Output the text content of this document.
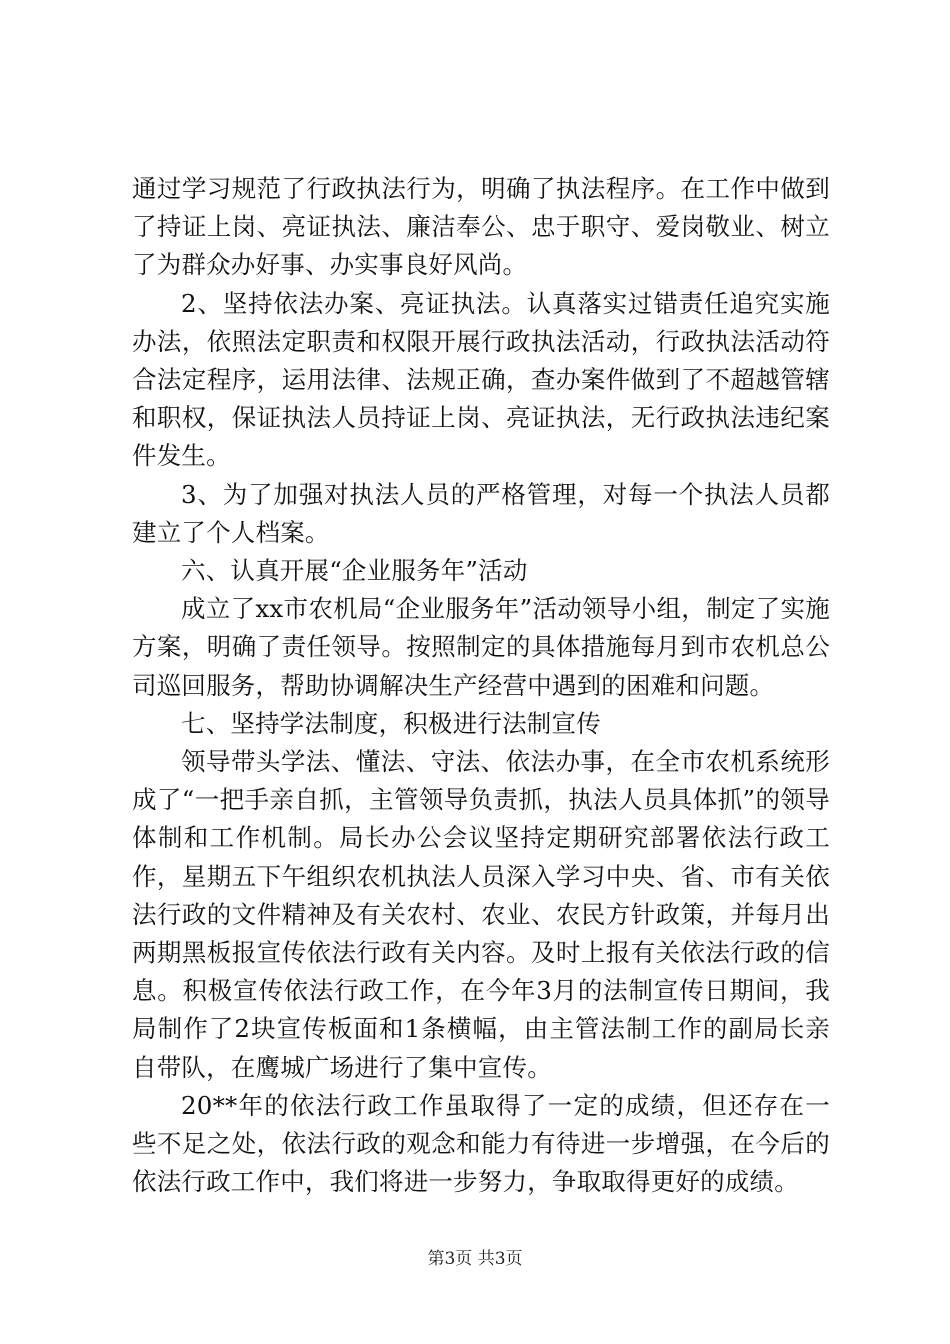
通过学习规范了行政执法行为，明确了执法程序。在工作中做到了持证上岗、亮证执法、廉洁奉公、忠于职守、爱岗敬业、树立了为群众办好事、办实事良好风尚。

2、坚持依法办案、亮证执法。认真落实过错责任追究实施办法，依照法定职责和权限开展行政执法活动，行政执法活动符合法定程序，运用法律、法规正确，查办案件做到了不超越管辖和职权，保证执法人员持证上岗、亮证执法，无行政执法违纪案件发生。

3、为了加强对执法人员的严格管理，对每一个执法人员都建立了个人档案。

六、认真开展“企业服务年”活动

成立了xx市农机局“企业服务年”活动领导小组，制定了实施方案，明确了责任领导。按照制定的具体措施每月到市农机总公司巡回服务，帮助协调解决生产经营中遇到的困难和问题。

七、坚持学法制度，积极进行法制宣传

领导带头学法、懂法、守法、依法办事，在全市农机系统形成了“一把手亲自抓，主管领导负责抓，执法人员具体抓”的领导体制和工作机制。局长办公会议坚持定期研究部署依法行政工作，星期五下午组织农机执法人员深入学习中央、省、市有关依法行政的文件精神及有关农村、农业、农民方针政策，并每月出两期黑板报宣传依法行政有关内容。及时上报有关依法行政的信息。积极宣传依法行政工作，在今年3月的法制宣传日期间，我局制作了2块宣传板面和1条横幅，由主管法制工作的副局长亲自带队，在鹰城广场进行了集中宣传。

20**年的依法行政工作虽取得了一定的成绩，但还存在一些不足之处，依法行政的观念和能力有待进一步增强，在今后的依法行政工作中，我们将进一步努力，争取取得更好的成绩。

第3页 共3页
